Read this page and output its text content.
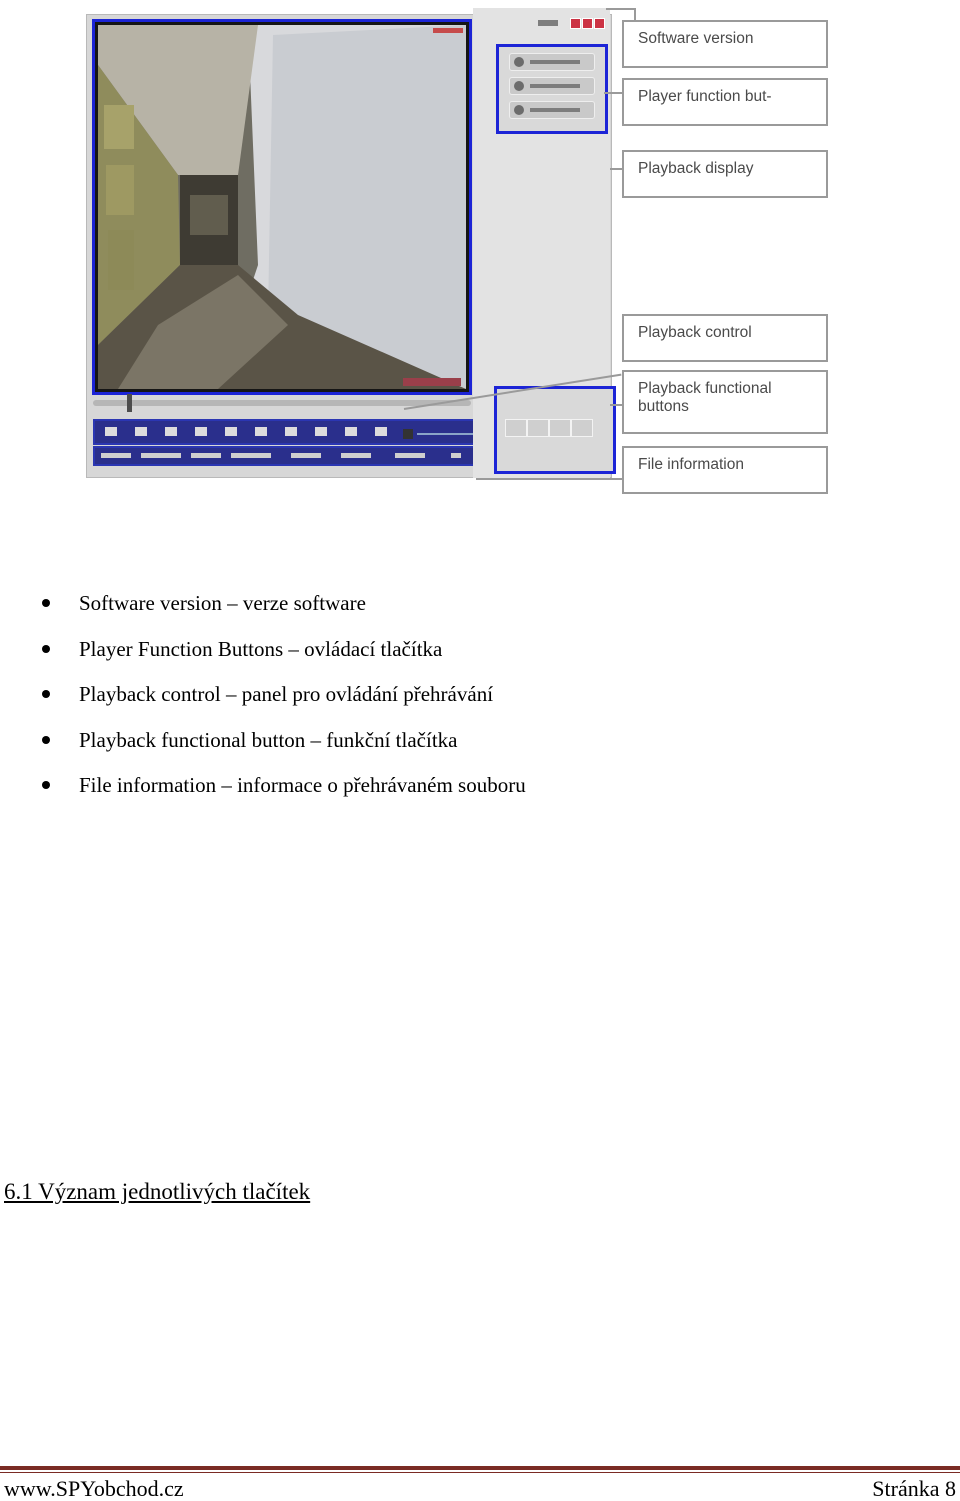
Software version
Player function but-
Playback display
Playback control
Playback functional
buttons
File information
Software version – verze software
Player Function Buttons – ovládací tlačítka
Playback control – panel pro ovládání přehrávání
Playback functional button – funkční tlačítka
File information – informace o přehrávaném souboru
6.1 Význam jednotlivých tlačítek
www.SPYobchod.cz	Stránka 8
